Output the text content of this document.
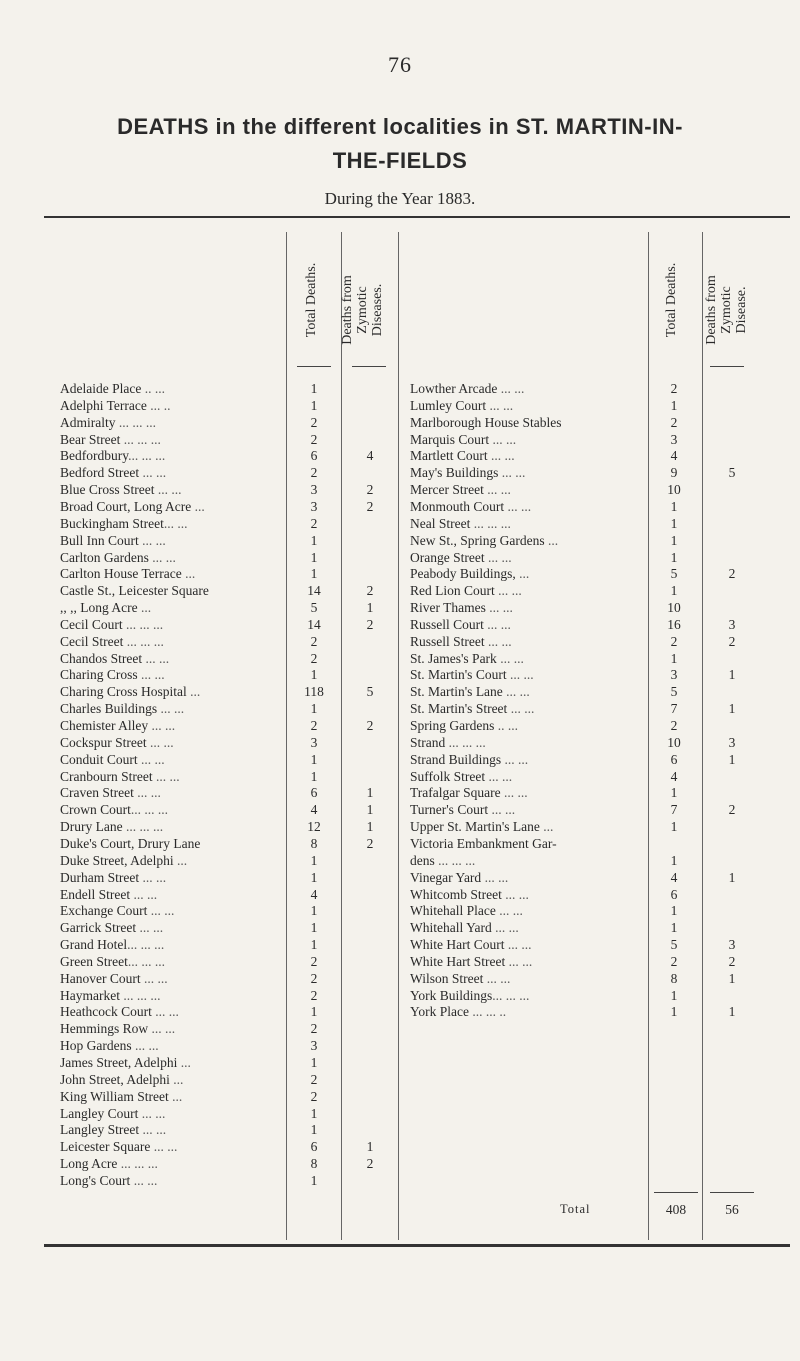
76
DEATHS in the different localities in ST. MARTIN-IN-
THE-FIELDS
During the Year 1883.
Total Deaths.	Deaths from Zymotic Diseases.	Total Deaths.	Deaths from Zymotic Disease.
Adelaide Place .. ...	1
Adelphi Terrace ... ..	1
Admiralty ... ... ...	2
Bear Street ... ... ...	2
Bedfordbury... ... ...	6	4
Bedford Street ... ...	2
Blue Cross Street ... ...	3	2
Broad Court, Long Acre ...	3	2
Buckingham Street... ...	2
Bull Inn Court ... ...	1
Carlton Gardens ... ...	1
Carlton House Terrace ...	1
Castle St., Leicester Square	14	2
,, ,, Long Acre ...	5	1
Cecil Court ... ... ...	14	2
Cecil Street ... ... ...	2
Chandos Street ... ...	2
Charing Cross ... ...	1
Charing Cross Hospital ...	118	5
Charles Buildings ... ...	1
Chemister Alley ... ...	2	2
Cockspur Street ... ...	3
Conduit Court ... ...	1
Cranbourn Street ... ...	1
Craven Street ... ...	6	1
Crown Court... ... ...	4	1
Drury Lane ... ... ...	12	1
Duke's Court, Drury Lane	8	2
Duke Street, Adelphi ...	1
Durham Street ... ...	1
Endell Street ... ...	4
Exchange Court ... ...	1
Garrick Street ... ...	1
Grand Hotel... ... ...	1
Green Street... ... ...	2
Hanover Court ... ...	2
Haymarket ... ... ...	2
Heathcock Court ... ...	1
Hemmings Row ... ...	2
Hop Gardens ... ...	3
James Street, Adelphi ...	1
John Street, Adelphi ...	2
King William Street ...	2
Langley Court ... ...	1
Langley Street ... ...	1
Leicester Square ... ...	6	1
Long Acre ... ... ...	8	2
Long's Court ... ...	1
Lowther Arcade ... ...	2
Lumley Court ... ...	1
Marlborough House Stables	2
Marquis Court ... ...	3
Martlett Court ... ...	4
May's Buildings ... ...	9	5
Mercer Street ... ...	10
Monmouth Court ... ...	1
Neal Street ... ... ...	1
New St., Spring Gardens ...	1
Orange Street ... ...	1
Peabody Buildings, ...	5	2
Red Lion Court ... ...	1
River Thames ... ...	10
Russell Court ... ...	16	3
Russell Street ... ...	2	2
St. James's Park ... ...	1
St. Martin's Court ... ...	3	1
St. Martin's Lane ... ...	5
St. Martin's Street ... ...	7	1
Spring Gardens .. ...	2
Strand ... ... ...	10	3
Strand Buildings ... ...	6	1
Suffolk Street ... ...	4
Trafalgar Square ... ...	1
Turner's Court ... ...	7	2
Upper St. Martin's Lane ...	1
Victoria Embankment Gar-
dens ... ... ...	1
Vinegar Yard ... ...	4	1
Whitcomb Street ... ...	6
Whitehall Place ... ...	1
Whitehall Yard ... ...	1
White Hart Court ... ...	5	3
White Hart Street ... ...	2	2
Wilson Street ... ...	8	1
York Buildings... ... ...	1
York Place ... ... ..	1	1
Total	408	56
